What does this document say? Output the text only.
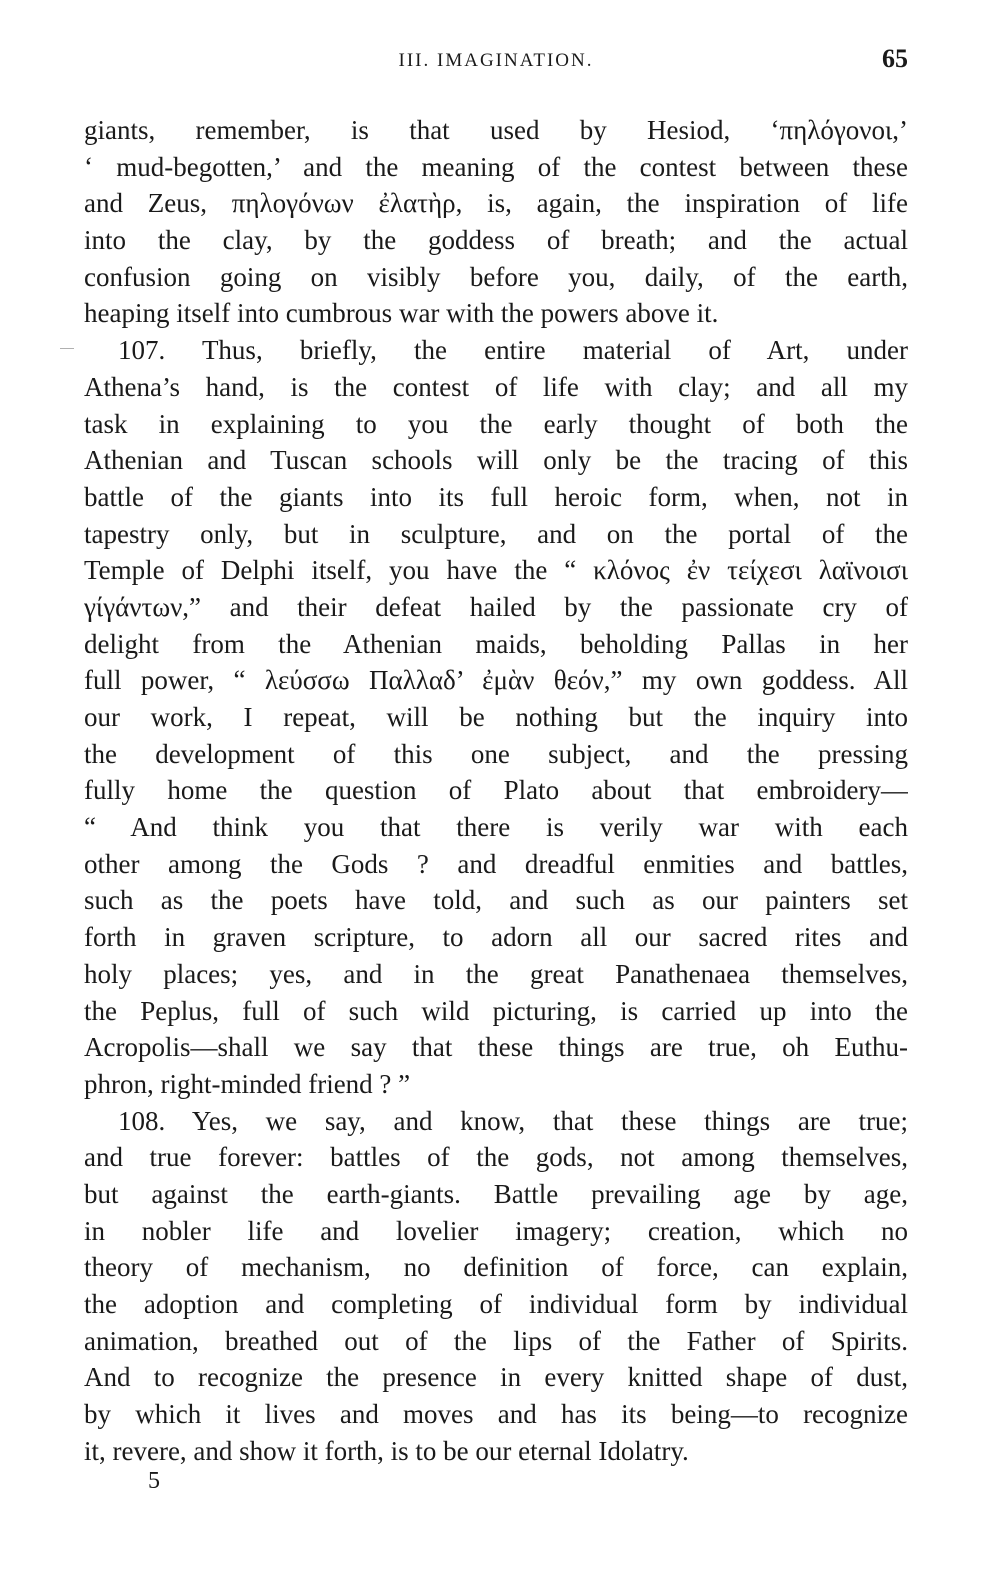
III. IMAGINATION.	65
giants, remember, is that used by Hesiod, ‘πηλόγονοι,’
‘ mud-begotten,’ and the meaning of the contest between these
and Zeus, πηλογόνων ἐλατὴρ, is, again, the inspiration of life
into the clay, by the goddess of breath; and the actual
confusion going on visibly before you, daily, of the earth,
heaping itself into cumbrous war with the powers above it.
107. Thus, briefly, the entire material of Art, under
Athena’s hand, is the contest of life with clay; and all my
task in explaining to you the early thought of both the
Athenian and Tuscan schools will only be the tracing of this
battle of the giants into its full heroic form, when, not in
tapestry only, but in sculpture, and on the portal of the
Temple of Delphi itself, you have the “ κλόνος ἐν τείχεσι λαϊνοισι
γίγάντων,” and their defeat hailed by the passionate cry of
delight from the Athenian maids, beholding Pallas in her
full power, “ λεύσσω Παλλαδ’ ἐμὰν θεόν,” my own goddess. All
our work, I repeat, will be nothing but the inquiry into
the development of this one subject, and the pressing
fully home the question of Plato about that embroidery—
“ And think you that there is verily war with each
other among the Gods ? and dreadful enmities and battles,
such as the poets have told, and such as our painters set
forth in graven scripture, to adorn all our sacred rites and
holy places; yes, and in the great Panathenaea themselves,
the Peplus, full of such wild picturing, is carried up into the
Acropolis—shall we say that these things are true, oh Euthu-
phron, right-minded friend ? ”
108. Yes, we say, and know, that these things are true;
and true forever: battles of the gods, not among themselves,
but against the earth-giants. Battle prevailing age by age,
in nobler life and lovelier imagery; creation, which no
theory of mechanism, no definition of force, can explain,
the adoption and completing of individual form by individual
animation, breathed out of the lips of the Father of Spirits.
And to recognize the presence in every knitted shape of dust,
by which it lives and moves and has its being—to recognize
it, revere, and show it forth, is to be our eternal Idolatry.
5
